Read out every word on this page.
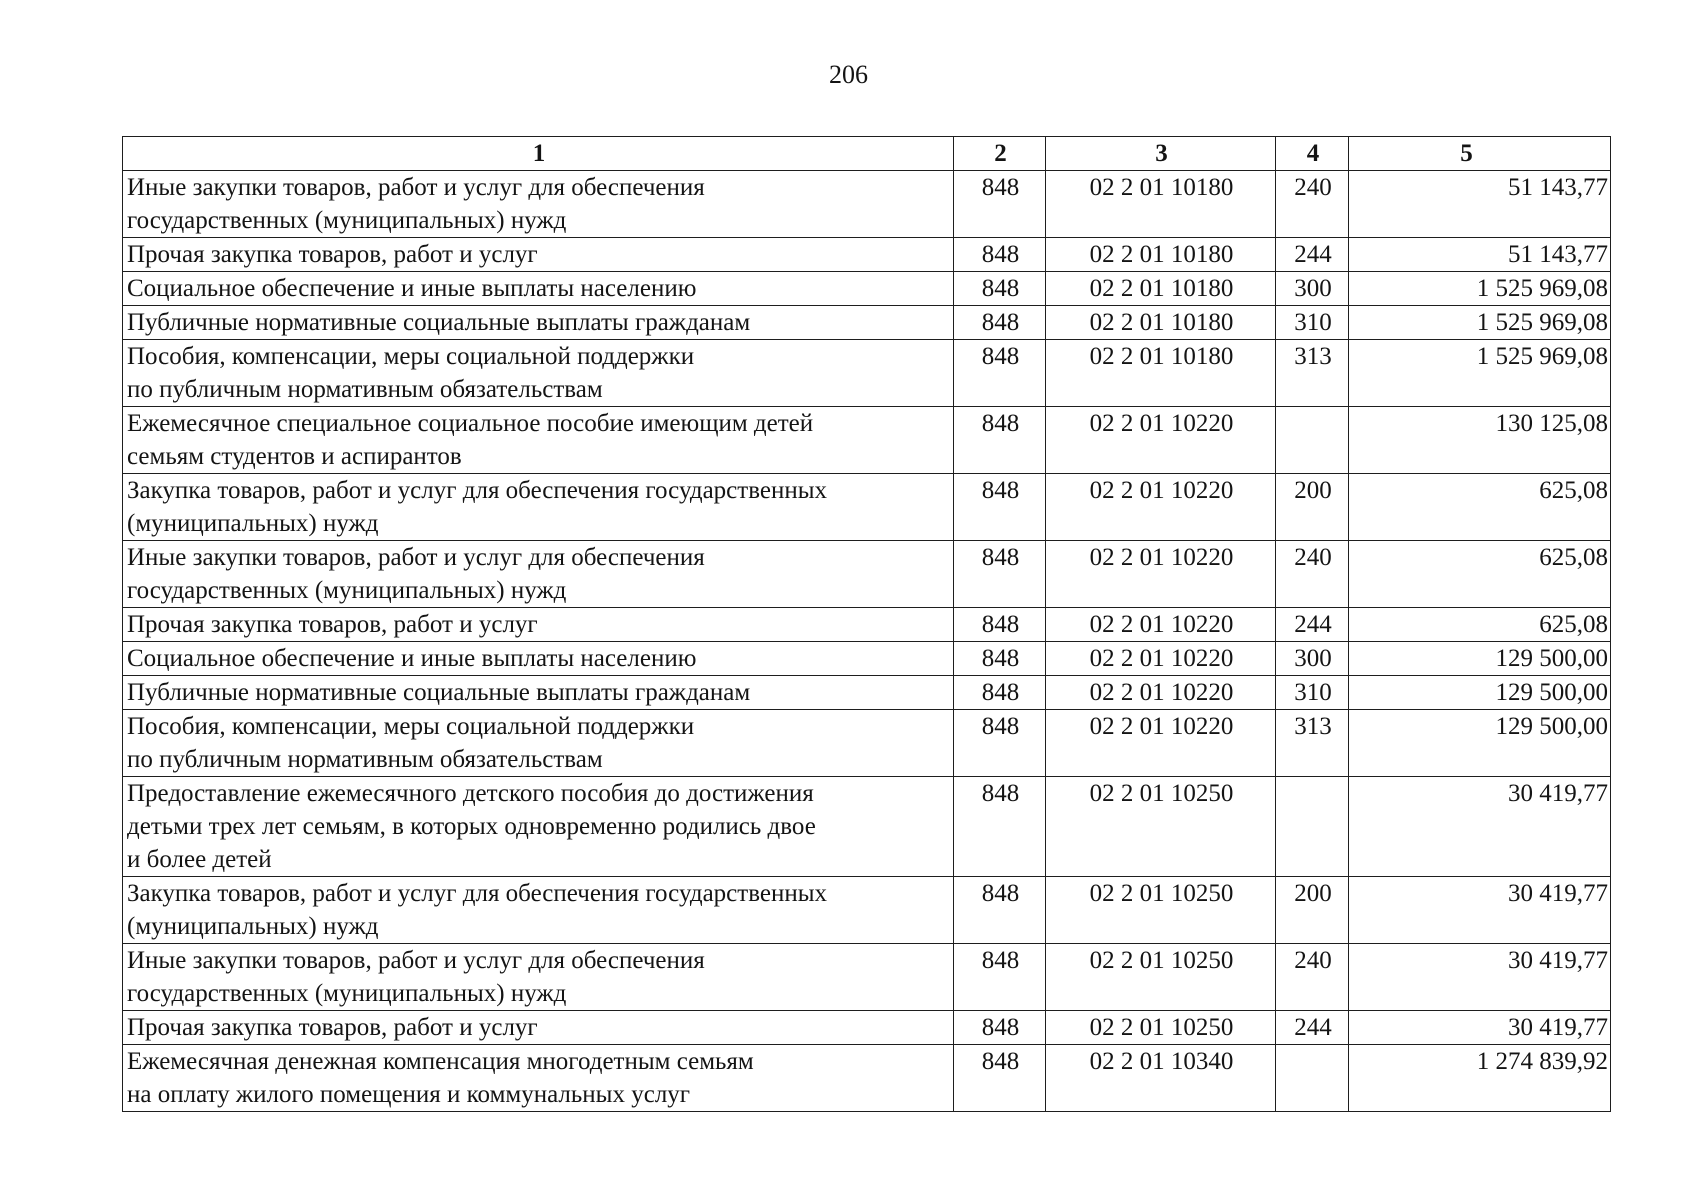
206
1	2	3	4	5
Иные закупки товаров, работ и услуг для обеспечения
государственных (муниципальных) нужд	848	02 2 01 10180	240	51 143,77
Прочая закупка товаров, работ и услуг	848	02 2 01 10180	244	51 143,77
Социальное обеспечение и иные выплаты населению	848	02 2 01 10180	300	1 525 969,08
Публичные нормативные социальные выплаты гражданам	848	02 2 01 10180	310	1 525 969,08
Пособия, компенсации, меры социальной поддержки
по публичным нормативным обязательствам	848	02 2 01 10180	313	1 525 969,08
Ежемесячное специальное социальное пособие имеющим детей
семьям студентов и аспирантов	848	02 2 01 10220		130 125,08
Закупка товаров, работ и услуг для обеспечения государственных
(муниципальных) нужд	848	02 2 01 10220	200	625,08
Иные закупки товаров, работ и услуг для обеспечения
государственных (муниципальных) нужд	848	02 2 01 10220	240	625,08
Прочая закупка товаров, работ и услуг	848	02 2 01 10220	244	625,08
Социальное обеспечение и иные выплаты населению	848	02 2 01 10220	300	129 500,00
Публичные нормативные социальные выплаты гражданам	848	02 2 01 10220	310	129 500,00
Пособия, компенсации, меры социальной поддержки
по публичным нормативным обязательствам	848	02 2 01 10220	313	129 500,00
Предоставление ежемесячного детского пособия до достижения
детьми трех лет семьям, в которых одновременно родились двое
и более детей	848	02 2 01 10250		30 419,77
Закупка товаров, работ и услуг для обеспечения государственных
(муниципальных) нужд	848	02 2 01 10250	200	30 419,77
Иные закупки товаров, работ и услуг для обеспечения
государственных (муниципальных) нужд	848	02 2 01 10250	240	30 419,77
Прочая закупка товаров, работ и услуг	848	02 2 01 10250	244	30 419,77
Ежемесячная денежная компенсация многодетным семьям
на оплату жилого помещения и коммунальных услуг	848	02 2 01 10340		1 274 839,92
